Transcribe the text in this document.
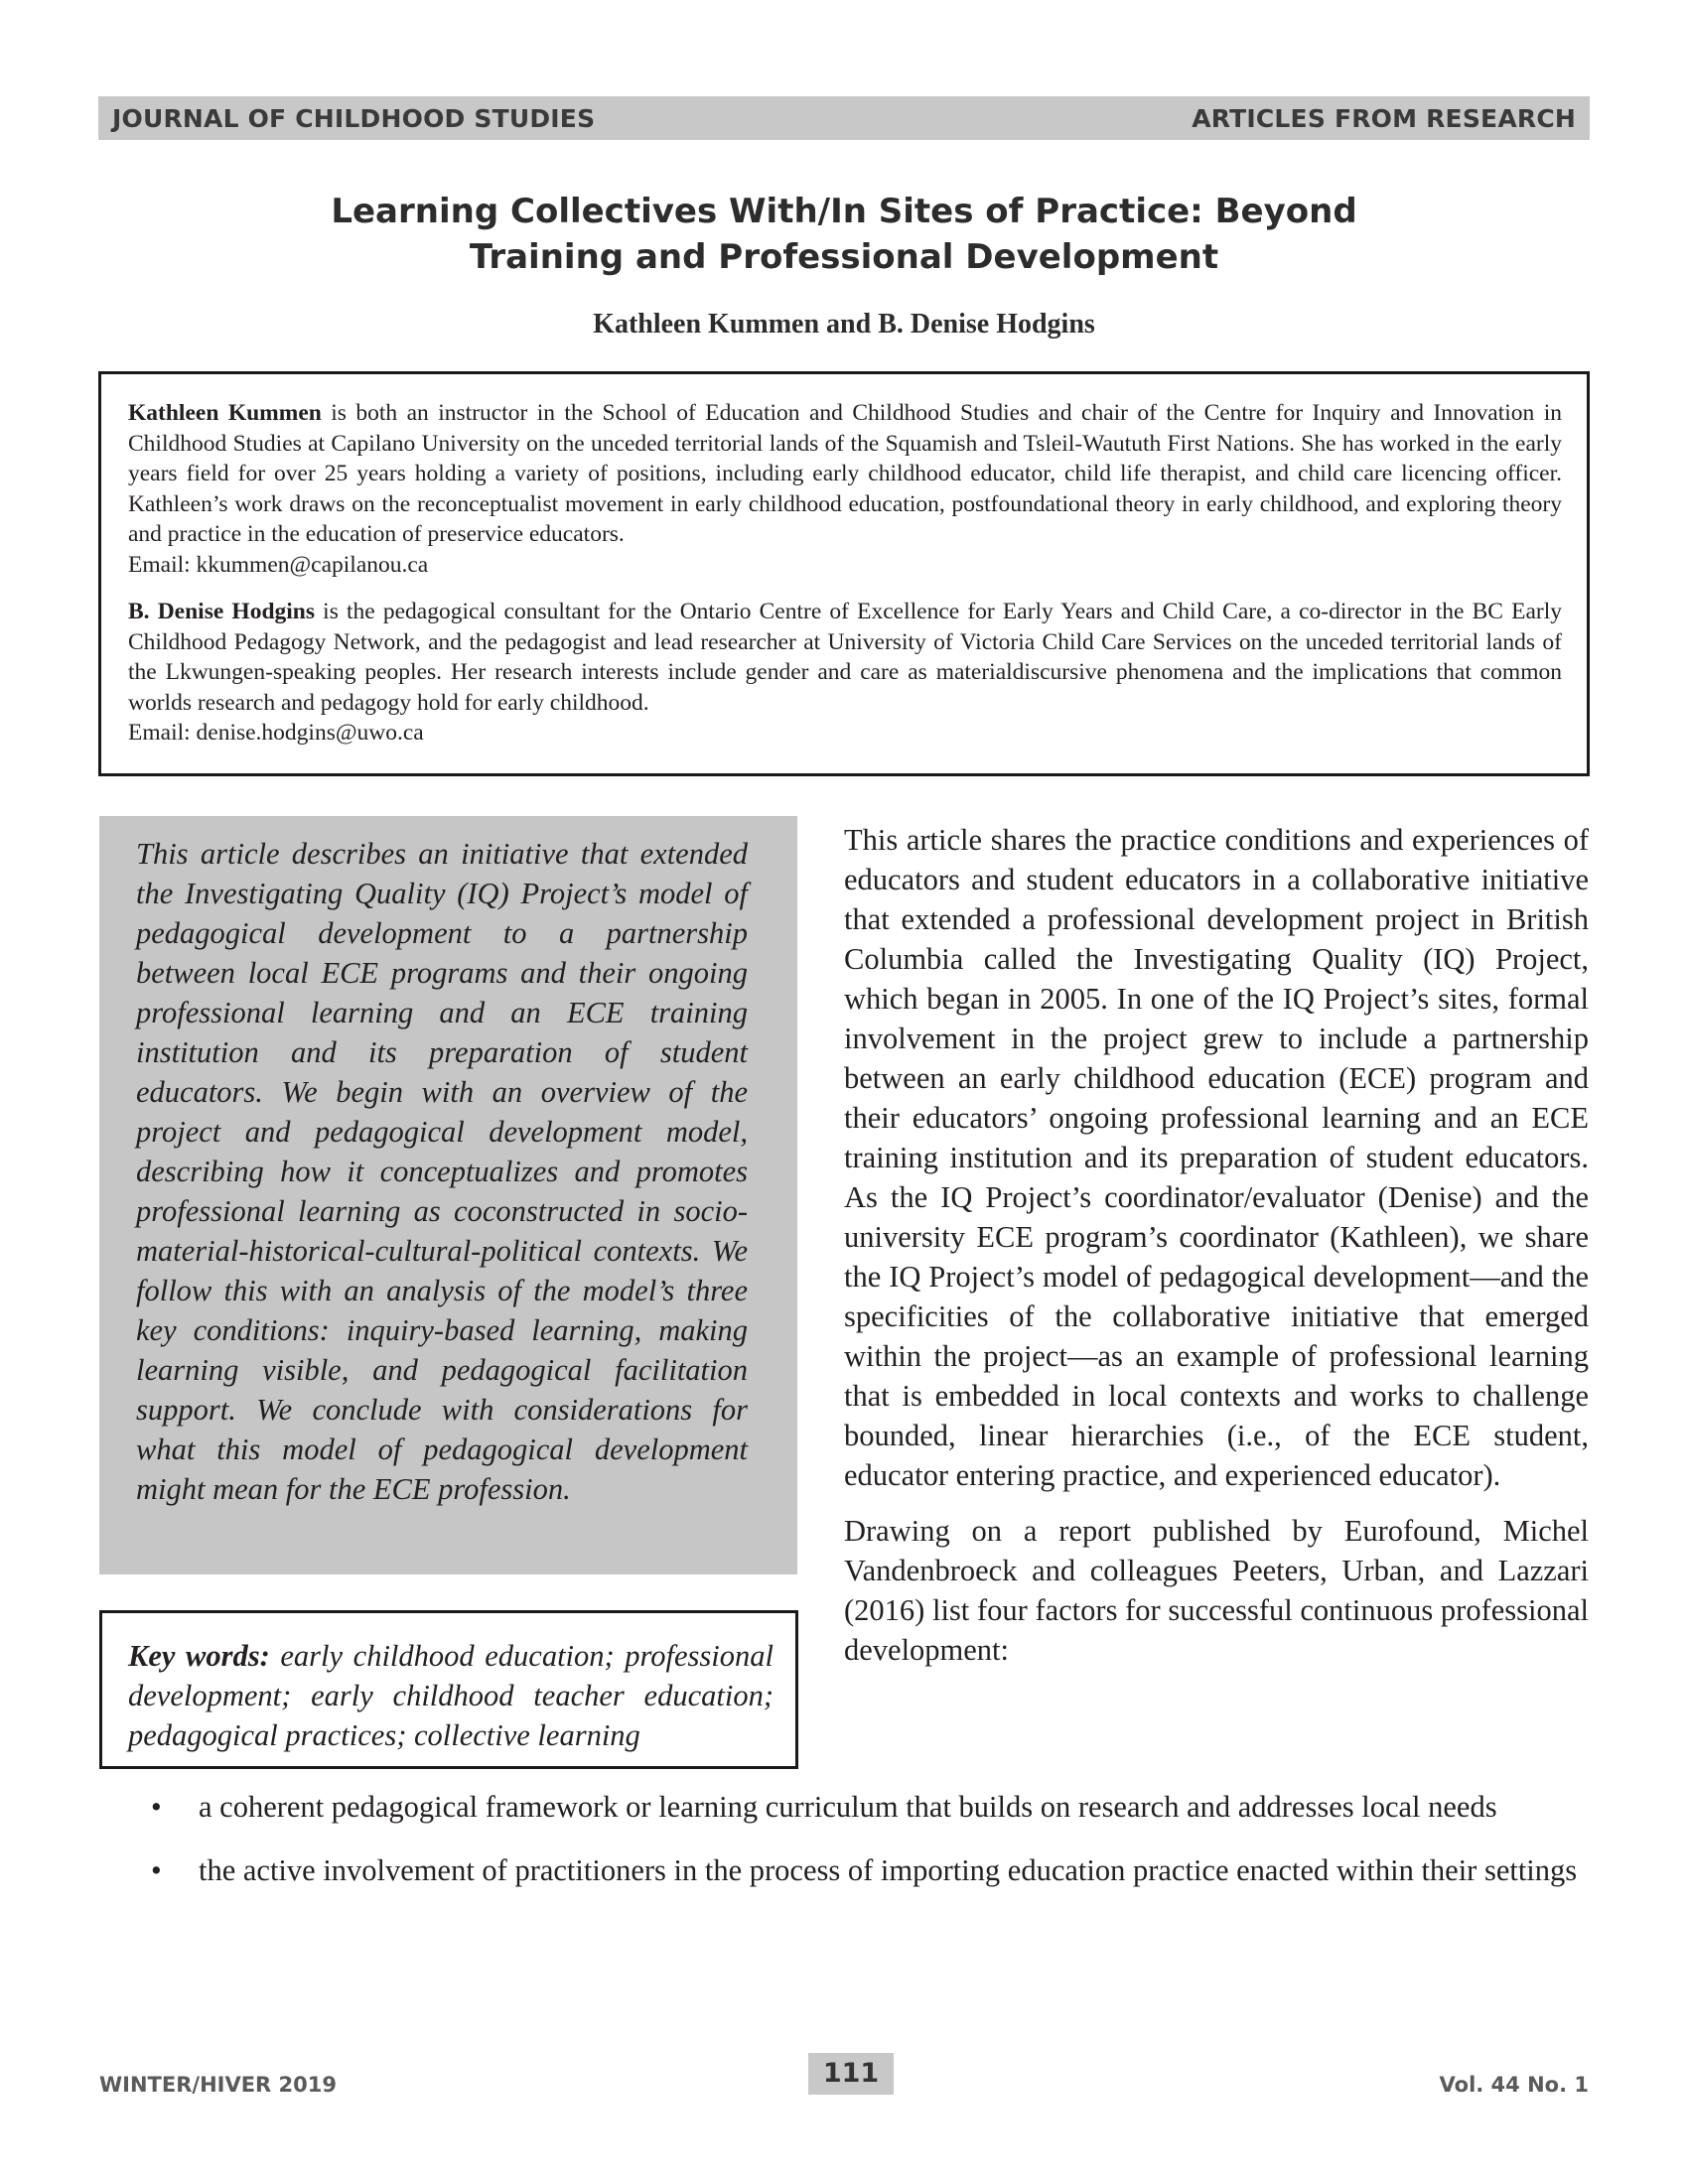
JOURNAL OF CHILDHOOD STUDIES	ARTICLES FROM RESEARCH
Learning Collectives With/In Sites of Practice: Beyond
Training and Professional Development
Kathleen Kummen and B. Denise Hodgins

Kathleen Kummen is both an instructor in the School of Education and Childhood Studies and chair of the Centre for Inquiry and Innovation in Childhood Studies at Capilano University on the unceded territorial lands of the Squamish and Tsleil-Waututh First Nations. She has worked in the early years field for over 25 years holding a variety of positions, including early childhood educator, child life therapist, and child care licencing officer. Kathleen’s work draws on the reconceptualist movement in early childhood education, postfoundational theory in early childhood, and exploring theory and practice in the education of preservice educators.
Email: kkummen@capilanou.ca

B. Denise Hodgins is the pedagogical consultant for the Ontario Centre of Excellence for Early Years and Child Care, a co-director in the BC Early Childhood Pedagogy Network, and the pedagogist and lead researcher at University of Victoria Child Care Services on the unceded territorial lands of the Lkwungen-speaking peoples. Her research interests include gender and care as materialdiscursive phenomena and the implications that common worlds research and pedagogy hold for early childhood.
Email: denise.hodgins@uwo.ca

This article describes an initiative that extended the Investigating Quality (IQ) Project’s model of pedagogical development to a partnership between local ECE programs and their ongoing professional learning and an ECE training institution and its preparation of student educators. We begin with an overview of the project and pedagogical development model, describing how it conceptualizes and promotes professional learning as coconstructed in socio-material-historical-cultural-political contexts. We follow this with an analysis of the model’s three key conditions: inquiry-based learning, making learning visible, and pedagogical facilitation support. We conclude with considerations for what this model of pedagogical development might mean for the ECE profession.
Key words: early childhood education; professional development; early childhood teacher education; pedagogical practices; collective learning

This article shares the practice conditions and experiences of educators and student educators in a collaborative initiative that extended a professional development project in British Columbia called the Investigating Quality (IQ) Project, which began in 2005. In one of the IQ Project’s sites, formal involvement in the project grew to include a partnership between an early childhood education (ECE) program and their educators’ ongoing professional learning and an ECE training institution and its preparation of student educators. As the IQ Project’s coordinator/evaluator (Denise) and the university ECE program’s coordinator (Kathleen), we share the IQ Project’s model of pedagogical development—and the specificities of the collaborative initiative that emerged within the project—as an example of professional learning that is embedded in local contexts and works to challenge bounded, linear hierarchies (i.e., of the ECE student, educator entering practice, and experienced educator).

Drawing on a report published by Eurofound, Michel Vandenbroeck and colleagues Peeters, Urban, and Lazzari (2016) list four factors for successful continuous professional development:

• a coherent pedagogical framework or learning curriculum that builds on research and addresses local needs
• the active involvement of practitioners in the process of importing education practice enacted within their settings
WINTER/HIVER 2019	111	Vol. 44 No. 1
